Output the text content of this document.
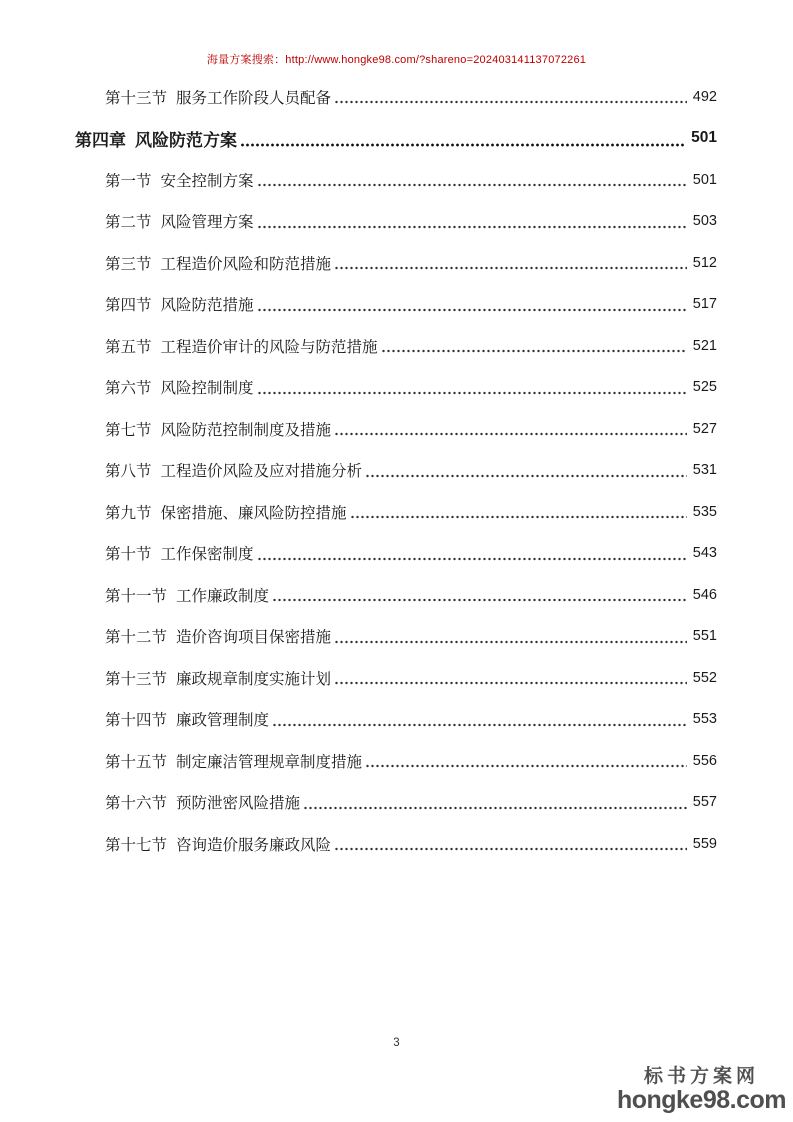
海量方案搜索：http://www.hongke98.com/?shareno=202403141137072261
第十三节 服务工作阶段人员配备	492
第四章 风险防范方案	501
第一节 安全控制方案	501
第二节 风险管理方案	503
第三节 工程造价风险和防范措施	512
第四节 风险防范措施	517
第五节 工程造价审计的风险与防范措施	521
第六节 风险控制制度	525
第七节 风险防范控制制度及措施	527
第八节 工程造价风险及应对措施分析	531
第九节 保密措施、廉风险防控措施	535
第十节 工作保密制度	543
第十一节 工作廉政制度	546
第十二节 造价咨询项目保密措施	551
第十三节 廉政规章制度实施计划	552
第十四节 廉政管理制度	553
第十五节 制定廉洁管理规章制度措施	556
第十六节 预防泄密风险措施	557
第十七节 咨询造价服务廉政风险	559
3
标书方案网
hongke98.com
